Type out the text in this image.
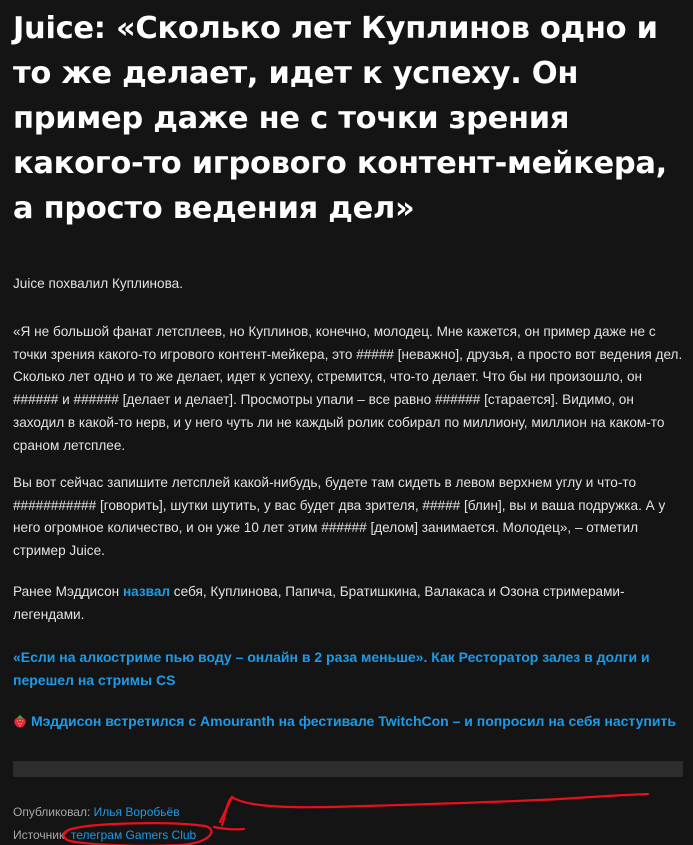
Juice: «Сколько лет Куплинов одно и то же делает, идет к успеху. Он пример даже не с точки зрения какого-то игрового контент-мейкера, а просто ведения дел»

Juice похвалил Куплинова.

«Я не большой фанат летсплеев, но Куплинов, конечно, молодец. Мне кажется, он пример даже не с точки зрения какого-то игрового контент-мейкера, это ##### [неважно], друзья, а просто вот ведения дел. Сколько лет одно и то же делает, идет к успеху, стремится, что-то делает. Что бы ни произошло, он ###### и ###### [делает и делает]. Просмотры упали – все равно ###### [старается]. Видимо, он заходил в какой-то нерв, и у него чуть ли не каждый ролик собирал по миллиону, миллион на каком-то сраном летсплее.

Вы вот сейчас запишите летсплей какой-нибудь, будете там сидеть в левом верхнем углу и что-то ########### [говорить], шутки шутить, у вас будет два зрителя, ##### [блин], вы и ваша подружка. А у него огромное количество, и он уже 10 лет этим ###### [делом] занимается. Молодец», – отметил стример Juice.

Ранее Мэддисон назвал себя, Куплинова, Папича, Братишкина, Валакаса и Озона стримерами-легендами.

«Если на алкостриме пью воду – онлайн в 2 раза меньше». Как Ресторатор залез в долги и перешел на стримы CS

Мэддисон встретился с Amouranth на фестивале TwitchCon – и попросил на себя наступить

Опубликовал: Илья Воробьёв
Источник: телеграм Gamers Club
